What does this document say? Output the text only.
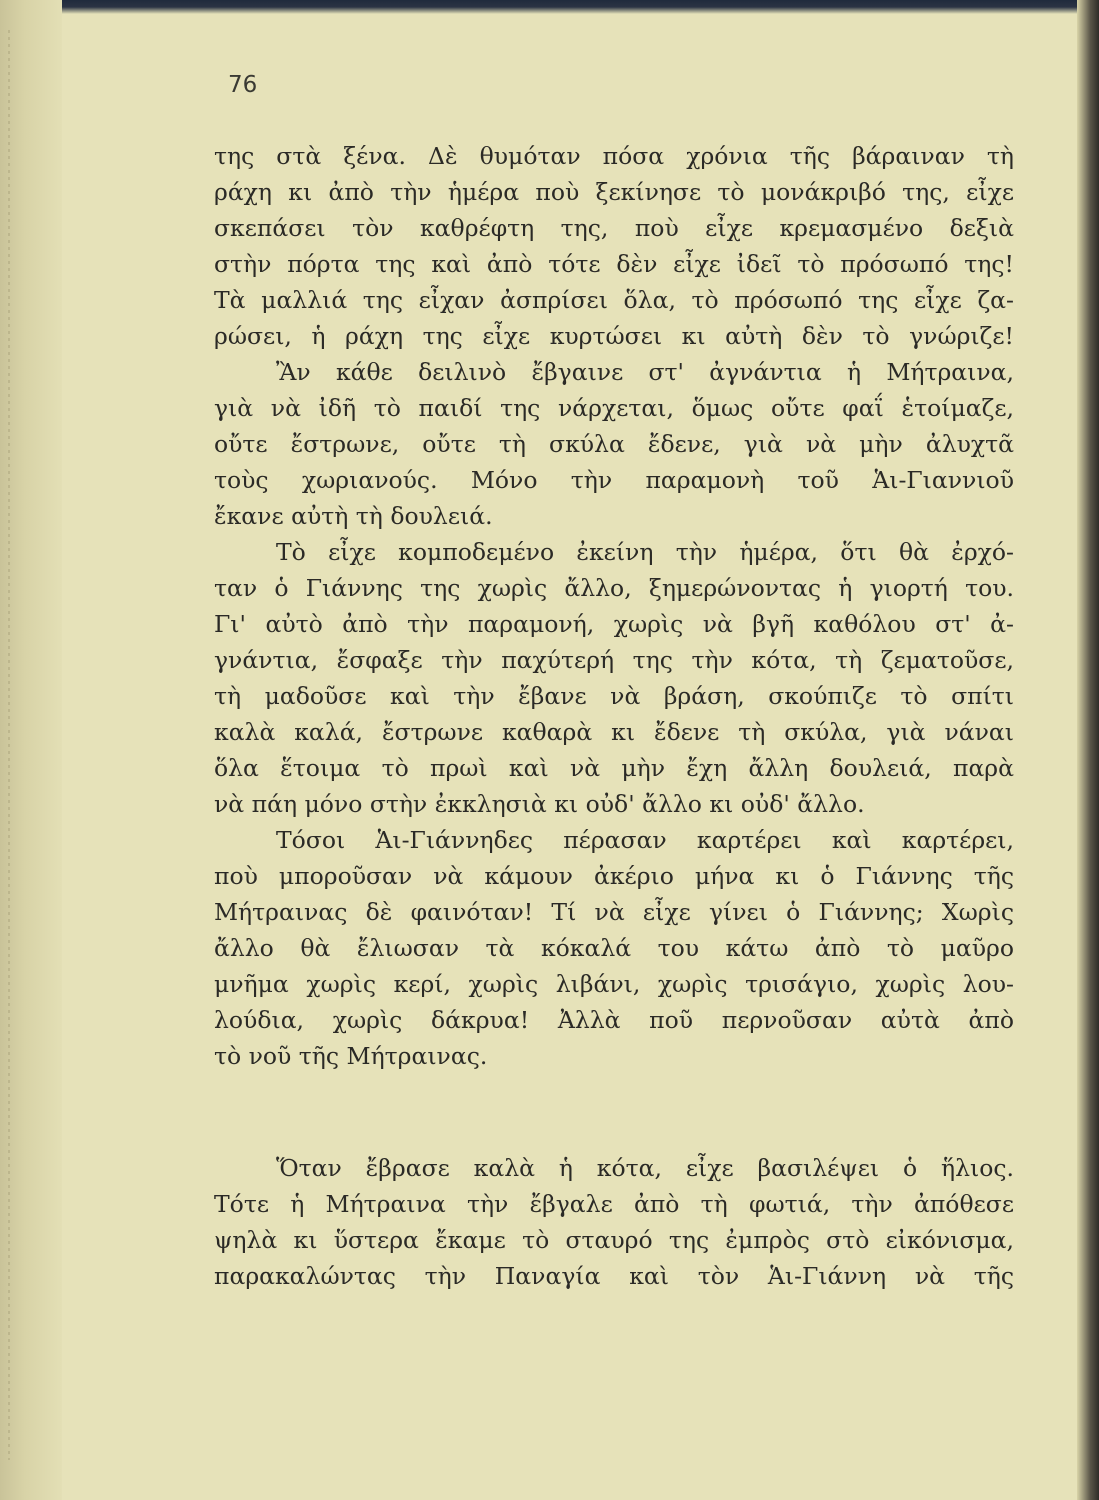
76
της στὰ ξένα. Δὲ θυμόταν πόσα χρόνια τῆς βάραιναν τὴ
ράχη κι ἀπὸ τὴν ἡμέρα ποὺ ξεκίνησε τὸ μονάκριβό της, εἶχε
σκεπάσει τὸν καθρέφτη της, ποὺ εἶχε κρεμασμένο δεξιὰ
στὴν πόρτα της καὶ ἀπὸ τότε δὲν εἶχε ἰδεῖ τὸ πρόσωπό της!
Τὰ μαλλιά της εἶχαν ἀσπρίσει ὅλα, τὸ πρόσωπό της εἶχε ζα-
ρώσει, ἡ ράχη της εἶχε κυρτώσει κι αὐτὴ δὲν τὸ γνώριζε!
Ἂν κάθε δειλινὸ ἔβγαινε στ' ἀγνάντια ἡ Μήτραινα,
γιὰ νὰ ἰδῆ τὸ παιδί της νάρχεται, ὅμως οὔτε φαΐ ἑτοίμαζε,
οὔτε ἔστρωνε, οὔτε τὴ σκύλα ἔδενε, γιὰ νὰ μὴν ἀλυχτᾶ
τοὺς χωριανούς. Μόνο τὴν παραμονὴ τοῦ Ἁι-Γιαννιοῦ
ἔκανε αὐτὴ τὴ δουλειά.
Τὸ εἶχε κομποδεμένο ἐκείνη τὴν ἡμέρα, ὅτι θὰ ἐρχό-
ταν ὁ Γιάννης της χωρὶς ἄλλο, ξημερώνοντας ἡ γιορτή του.
Γι' αὐτὸ ἀπὸ τὴν παραμονή, χωρὶς νὰ βγῆ καθόλου στ' ἀ-
γνάντια, ἔσφαξε τὴν παχύτερή της τὴν κότα, τὴ ζεματοῦσε,
τὴ μαδοῦσε καὶ τὴν ἔβανε νὰ βράση, σκούπιζε τὸ σπίτι
καλὰ καλά, ἔστρωνε καθαρὰ κι ἔδενε τὴ σκύλα, γιὰ νάναι
ὅλα ἕτοιμα τὸ πρωὶ καὶ νὰ μὴν ἔχη ἄλλη δουλειά, παρὰ
νὰ πάη μόνο στὴν ἐκκλησιὰ κι οὐδ' ἄλλο κι οὐδ' ἄλλο.
Τόσοι Ἁι-Γιάννηδες πέρασαν καρτέρει καὶ καρτέρει,
ποὺ μποροῦσαν νὰ κάμουν ἀκέριο μήνα κι ὁ Γιάννης τῆς
Μήτραινας δὲ φαινόταν! Τί νὰ εἶχε γίνει ὁ Γιάννης; Χωρὶς
ἄλλο θὰ ἔλιωσαν τὰ κόκαλά του κάτω ἀπὸ τὸ μαῦρο
μνῆμα χωρὶς κερί, χωρὶς λιβάνι, χωρὶς τρισάγιο, χωρὶς λου-
λούδια, χωρὶς δάκρυα! Ἀλλὰ ποῦ περνοῦσαν αὐτὰ ἀπὸ
τὸ νοῦ τῆς Μήτραινας.
Ὅταν ἔβρασε καλὰ ἡ κότα, εἶχε βασιλέψει ὁ ἥλιος.
Τότε ἡ Μήτραινα τὴν ἔβγαλε ἀπὸ τὴ φωτιά, τὴν ἀπόθεσε
ψηλὰ κι ὕστερα ἔκαμε τὸ σταυρό της ἐμπρὸς στὸ εἰκόνισμα,
παρακαλώντας τὴν Παναγία καὶ τὸν Ἁι-Γιάννη νὰ τῆς
